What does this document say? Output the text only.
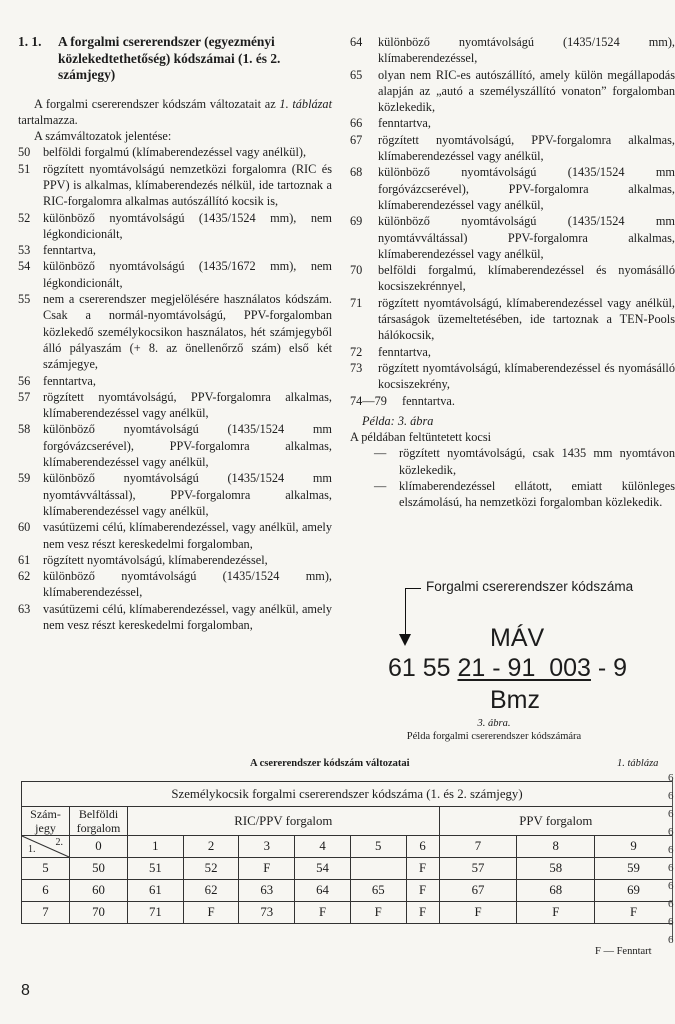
1. 1.	A forgalmi csererendszer (egyezményi közlekedtethetőség) kódszámai (1. és 2. számjegy)

A forgalmi csererendszer kódszám változatait az 1. táblázat tartalmazza.

A számváltozatok jelentése:

50	belföldi forgalmú (klímaberendezéssel vagy anélkül),
51	rögzített nyomtávolságú nemzetközi forgalomra (RIC és PPV) is alkalmas, klímaberendezés nélkül, ide tartoznak a RIC-forgalomra alkalmas autószállító kocsik is,
52	különböző nyomtávolságú (1435/1524 mm), nem légkondicionált,
53	fenntartva,
54	különböző nyomtávolságú (1435/1672 mm), nem légkondicionált,
55	nem a csererendszer megjelölésére használatos kódszám. Csak a normál-nyomtávolságú, PPV-forgalomban közlekedő személykocsikon használatos, hét számjegyből álló pályaszám (+ 8. az önellenőrző szám) első két számjegye,
56	fenntartva,
57	rögzített nyomtávolságú, PPV-forgalomra alkalmas, klímaberendezéssel vagy anélkül,
58	különböző nyomtávolságú (1435/1524 mm forgóvázcserével), PPV-forgalomra alkalmas, klímaberendezéssel vagy anélkül,
59	különböző nyomtávolságú (1435/1524 mm nyomtávváltással), PPV-forgalomra alkalmas, klímaberendezéssel vagy anélkül,
60	vasútüzemi célú, klímaberendezéssel, vagy anélkül, amely nem vesz részt kereskedelmi forgalomban,
61	rögzített nyomtávolságú, klímaberendezéssel,
62	különböző nyomtávolságú (1435/1524 mm), klímaberendezéssel,
63	vasútüzemi célú, klímaberendezéssel, vagy anélkül, amely nem vesz részt kereskedelmi forgalomban,
64	különböző nyomtávolságú (1435/1524 mm), klímaberendezéssel,
65	olyan nem RIC-es autószállító, amely külön megállapodás alapján az „autó a személyszállító vonaton” forgalomban közlekedik,
66	fenntartva,
67	rögzített nyomtávolságú, PPV-forgalomra alkalmas, klímaberendezéssel vagy anélkül,
68	különböző nyomtávolságú (1435/1524 mm forgóvázcserével), PPV-forgalomra alkalmas, klímaberendezéssel vagy anélkül,
69	különböző nyomtávolságú (1435/1524 mm nyomtávváltással) PPV-forgalomra alkalmas, klímaberendezéssel vagy anélkül,
70	belföldi forgalmú, klímaberendezéssel és nyomásálló kocsiszekrénnyel,
71	rögzített nyomtávolságú, klímaberendezéssel vagy anélkül, társaságok üzemeltetésében, ide tartoznak a TEN-Pools hálókocsik,
72	fenntartva,
73	rögzített nyomtávolságú, klímaberendezéssel és nyomásálló kocsiszekrény,
74—79	fenntartva.
Példa: 3. ábra
A példában feltüntetett kocsi
—	rögzített nyomtávolságú, csak 1435 mm nyomtávon közlekedik,
—	klímaberendezéssel ellátott, emiatt különleges elszámolású, ha nemzetközi forgalomban közlekedik.
Forgalmi csererendszer kódszáma
MÁV
61 55 21 - 91  003 - 9
Bmz
3. ábra.
Példa forgalmi csererendszer kódszámára
A csererendszer kódszám változatai	1. tábláza
Személykocsik forgalmi csererendszer kódszáma (1. és 2. számjegy)										
Szám-jegy	Belföldi forgalom	RIC/PPV forgalom						PPV forgalom		

1.
2.	0	1	2	3	4	5	6	7	8	9
5	50	51	52	F	54		F	57	58	59
6	60	61	62	63	64	65	F	67	68	69
7	70	71	F	73	F	F	F	F	F	F
F — Fenntart
8
6
6
6
6
6
6
6
6
6
6
